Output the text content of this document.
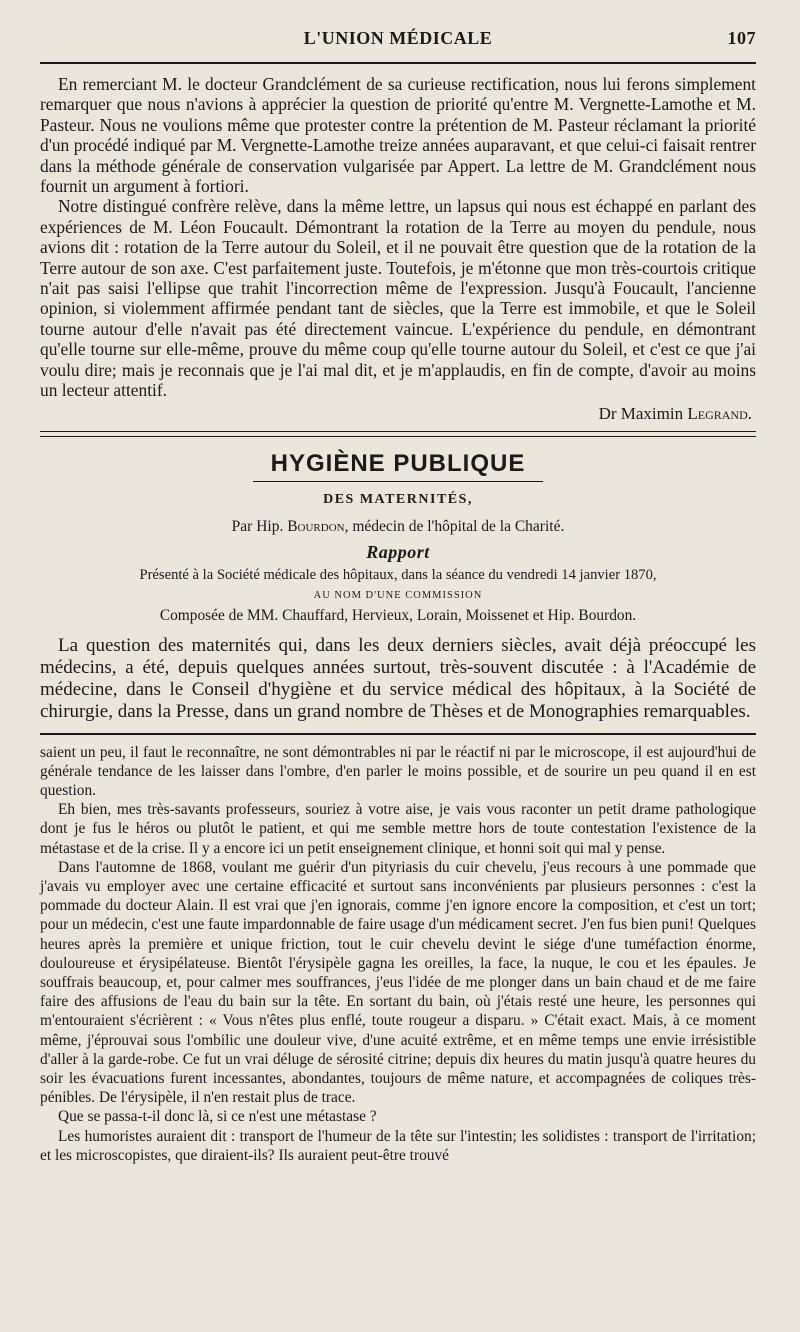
L'UNION MÉDICALE	107

En remerciant M. le docteur Grandclément de sa curieuse rectification, nous lui ferons simplement remarquer que nous n'avions à apprécier la question de priorité qu'entre M. Vergnette-Lamothe et M. Pasteur. Nous ne voulions même que protester contre la prétention de M. Pasteur réclamant la priorité d'un procédé indiqué par M. Vergnette-Lamothe treize années auparavant, et que celui-ci faisait rentrer dans la méthode générale de conservation vulgarisée par Appert. La lettre de M. Grandclément nous fournit un argument à fortiori.

Notre distingué confrère relève, dans la même lettre, un lapsus qui nous est échappé en parlant des expériences de M. Léon Foucault. Démontrant la rotation de la Terre au moyen du pendule, nous avions dit : rotation de la Terre autour du Soleil, et il ne pouvait être question que de la rotation de la Terre autour de son axe. C'est parfaitement juste. Toutefois, je m'étonne que mon très-courtois critique n'ait pas saisi l'ellipse que trahit l'incorrection même de l'expression. Jusqu'à Foucault, l'ancienne opinion, si violemment affirmée pendant tant de siècles, que la Terre est immobile, et que le Soleil tourne autour d'elle n'avait pas été directement vaincue. L'expérience du pendule, en démontrant qu'elle tourne sur elle-même, prouve du même coup qu'elle tourne autour du Soleil, et c'est ce que j'ai voulu dire; mais je reconnais que je l'ai mal dit, et je m'applaudis, en fin de compte, d'avoir au moins un lecteur attentif.

Dr Maximin Legrand.
HYGIÈNE PUBLIQUE
DES MATERNITÉS,
Par Hip. Bourdon, médecin de l'hôpital de la Charité.
Rapport
Présenté à la Société médicale des hôpitaux, dans la séance du vendredi 14 janvier 1870,
AU NOM D'UNE COMMISSION
Composée de MM. Chauffard, Hervieux, Lorain, Moissenet et Hip. Bourdon.

La question des maternités qui, dans les deux derniers siècles, avait déjà préoccupé les médecins, a été, depuis quelques années surtout, très-souvent discutée : à l'Académie de médecine, dans le Conseil d'hygiène et du service médical des hôpitaux, à la Société de chirurgie, dans la Presse, dans un grand nombre de Thèses et de Monographies remarquables.

saient un peu, il faut le reconnaître, ne sont démontrables ni par le réactif ni par le microscope, il est aujourd'hui de générale tendance de les laisser dans l'ombre, d'en parler le moins possible, et de sourire un peu quand il en est question.

Eh bien, mes très-savants professeurs, souriez à votre aise, je vais vous raconter un petit drame pathologique dont je fus le héros ou plutôt le patient, et qui me semble mettre hors de toute contestation l'existence de la métastase et de la crise. Il y a encore ici un petit enseignement clinique, et honni soit qui mal y pense.

Dans l'automne de 1868, voulant me guérir d'un pityriasis du cuir chevelu, j'eus recours à une pommade que j'avais vu employer avec une certaine efficacité et surtout sans inconvénients par plusieurs personnes : c'est la pommade du docteur Alain. Il est vrai que j'en ignorais, comme j'en ignore encore la composition, et c'est un tort; pour un médecin, c'est une faute impardonnable de faire usage d'un médicament secret. J'en fus bien puni! Quelques heures après la première et unique friction, tout le cuir chevelu devint le siége d'une tuméfaction énorme, douloureuse et érysipélateuse. Bientôt l'érysipèle gagna les oreilles, la face, la nuque, le cou et les épaules. Je souffrais beaucoup, et, pour calmer mes souffrances, j'eus l'idée de me plonger dans un bain chaud et de me faire faire des affusions de l'eau du bain sur la tête. En sortant du bain, où j'étais resté une heure, les personnes qui m'entouraient s'écrièrent : « Vous n'êtes plus enflé, toute rougeur a disparu. » C'était exact. Mais, à ce moment même, j'éprouvai sous l'ombilic une douleur vive, d'une acuité extrême, et en même temps une envie irrésistible d'aller à la garde-robe. Ce fut un vrai déluge de sérosité citrine; depuis dix heures du matin jusqu'à quatre heures du soir les évacuations furent incessantes, abondantes, toujours de même nature, et accompagnées de coliques très-pénibles. De l'érysipèle, il n'en restait plus de trace.

Que se passa-t-il donc là, si ce n'est une métastase ?

Les humoristes auraient dit : transport de l'humeur de la tête sur l'intestin; les solidistes : transport de l'irritation; et les microscopistes, que diraient-ils? Ils auraient peut-être trouvé
